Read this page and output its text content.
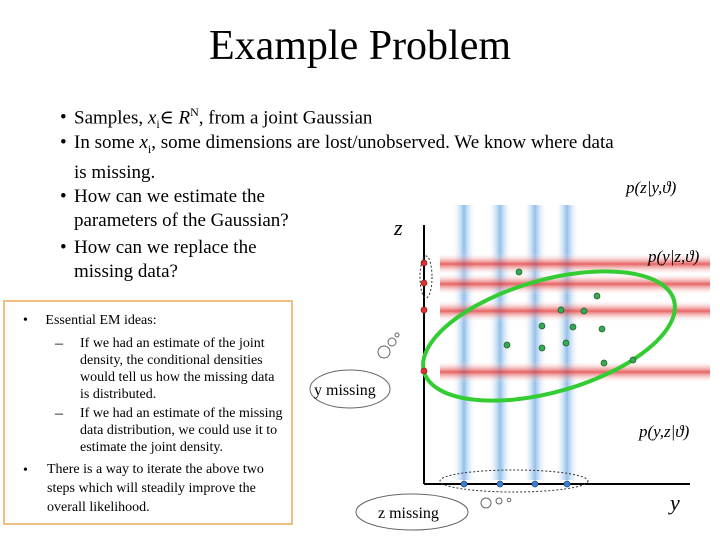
Example Problem
• Samples, $x_i\in$ $R^N$, from a joint Gaussian
• In some $x_i$, some dimensions are lost/unobserved. We know where data
is missing.
• How can we estimate the
parameters of the Gaussian?
• How can we replace the
missing data?
•     Essential EM ideas:
– If we had an estimate of the joint density, the conditional densities would tell us how the missing data is distributed.
– If we had an estimate of the missing data distribution, we could use it to estimate the joint density.
• There is a way to iterate the above two steps which will steadily improve the overall likelihood.
z
y
p(z|y,ϑ)
p(y|z,ϑ)
p(y,z|ϑ)
y missing
z missing
